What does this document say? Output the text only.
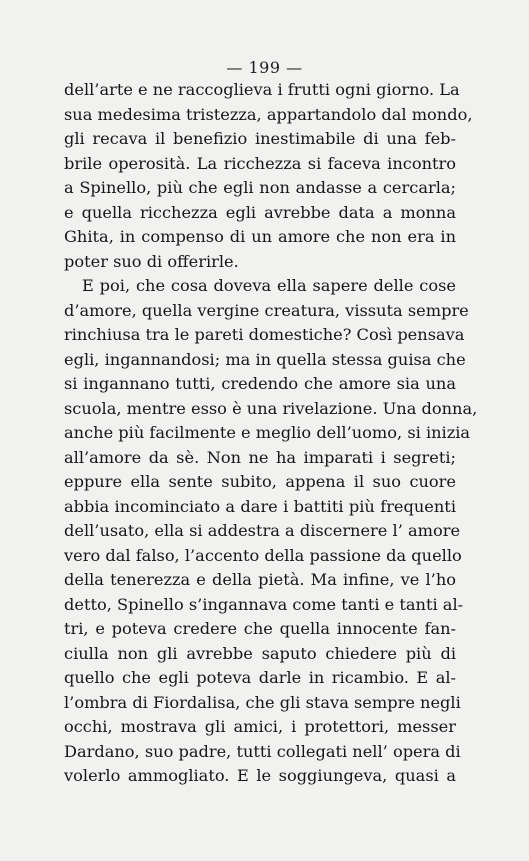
— 199 —
dell’arte e ne raccoglieva i frutti ogni giorno. La
sua medesima tristezza, appartandolo dal mondo,
gli recava il benefizio inestimabile di una feb-
brile operosità. La ricchezza si faceva incontro
a Spinello, più che egli non andasse a cercarla;
e quella ricchezza egli avrebbe data a monna
Ghita, in compenso di un amore che non era in
poter suo di offerirle.
E poi, che cosa doveva ella sapere delle cose
d’amore, quella vergine creatura, vissuta sempre
rinchiusa tra le pareti domestiche? Così pensava
egli, ingannandosi; ma in quella stessa guisa che
si ingannano tutti, credendo che amore sia una
scuola, mentre esso è una rivelazione. Una donna,
anche più facilmente e meglio dell’uomo, si inizia
all’amore da sè. Non ne ha imparati i segreti;
eppure ella sente subito, appena il suo cuore
abbia incominciato a dare i battiti più frequenti
dell’usato, ella si addestra a discernere l’ amore
vero dal falso, l’accento della passione da quello
della tenerezza e della pietà. Ma infine, ve l’ho
detto, Spinello s’ingannava come tanti e tanti al-
tri, e poteva credere che quella innocente fan-
ciulla non gli avrebbe saputo chiedere più di
quello che egli poteva darle in ricambio. E al-
l’ombra di Fiordalisa, che gli stava sempre negli
occhi, mostrava gli amici, i protettori, messer
Dardano, suo padre, tutti collegati nell’ opera di
volerlo ammogliato. E le soggiungeva, quasi a
